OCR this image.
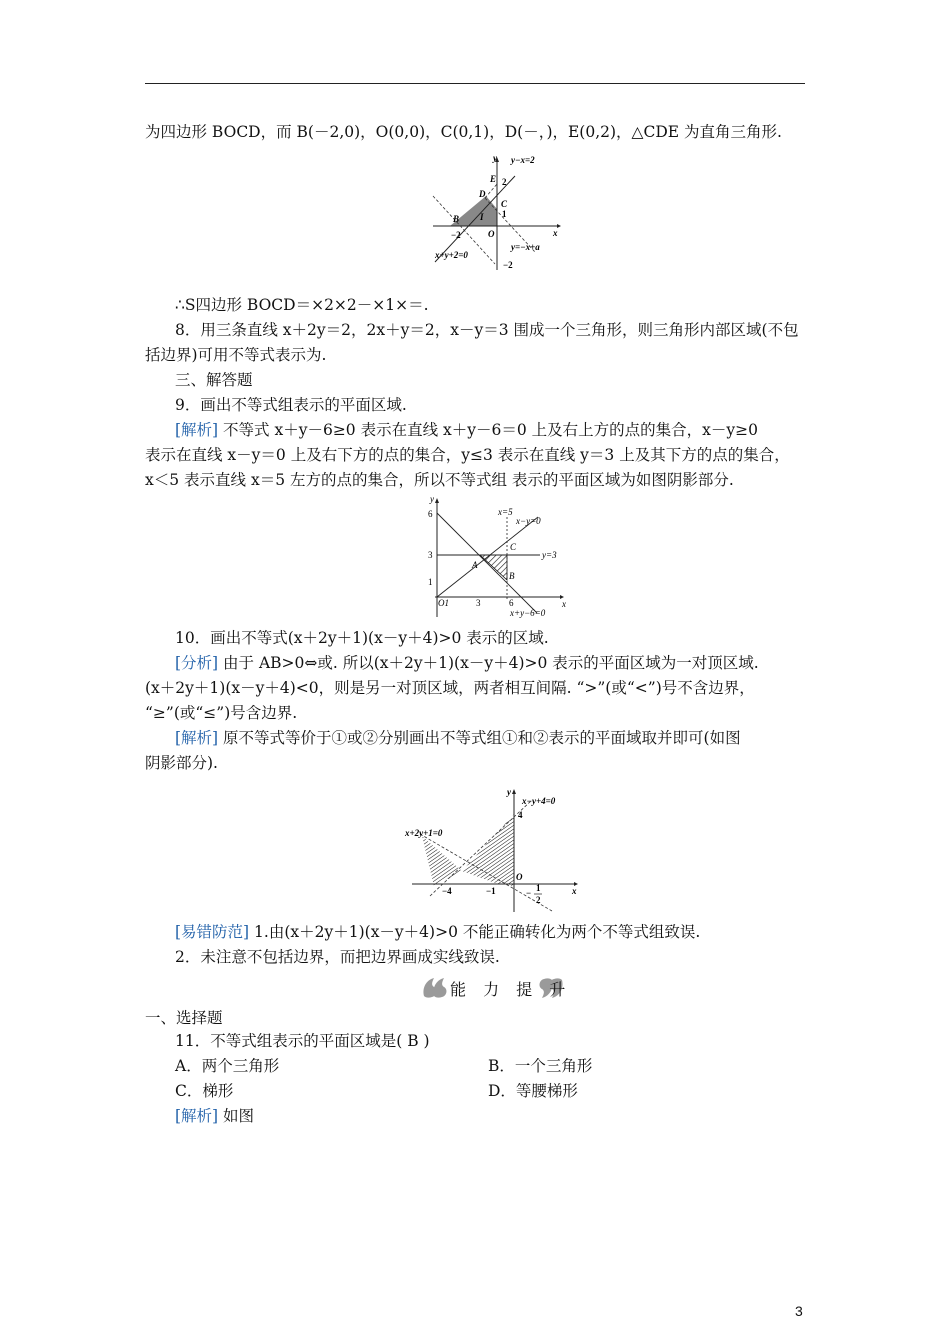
为四边形 BOCD，而 B(－2,0)，O(0,0)，C(0,1)，D(－，)，E(0,2)，△CDE 为直角三角形.
y
x
y−x=2
E 2
D
C
1
I
B
O
−2
y=−x+a
x+y+2=0
−2
∴S四边形 BOCD＝×2×2－×1×＝.
8．用三条直线 x＋2y＝2，2x＋y＝2，x－y＝3 围成一个三角形，则三角形内部区域(不包
括边界)可用不等式表示为.
三、解答题
9．画出不等式组表示的平面区域.
[解析] 不等式 x＋y－6≥0 表示在直线 x＋y－6＝0 上及右上方的点的集合，x－y≥0
表示在直线 x－y＝0 上及右下方的点的集合，y≤3 表示在直线 y＝3 上及其下方的点的集合，
x＜5 表示直线 x＝5 左方的点的集合，所以不等式组 表示的平面区域为如图阴影部分.
y
x
6
3
1
O1	3	6
x=5
x−y=0
C
y=3
A
B
x+y−6=0
10．画出不等式(x＋2y＋1)(x－y＋4)>0 表示的区域.
[分析] 由于 AB>0⇔或. 所以(x＋2y＋1)(x－y＋4)>0 表示的平面区域为一对顶区域.
(x＋2y＋1)(x－y＋4)<0，则是另一对顶区域，两者相互间隔. “>”(或“<”)号不含边界，
“≥”(或“≤”)号含边界.
[解析] 原不等式等价于①或②分别画出不等式组①和②表示的平面域取并即可(如图
阴影部分).
y
x
x−y+4=0
4
x+2y+1=0
O
−4	−1	− 1
2
[易错防范] 1.由(x＋2y＋1)(x－y＋4)>0 不能正确转化为两个不等式组致误.
2．未注意不包括边界，而把边界画成实线致误.
能 力 提 升
一、选择题
11．不等式组表示的平面区域是( B )
A．两个三角形	B．一个三角形
C．梯形	D．等腰梯形
[解析] 如图
3
